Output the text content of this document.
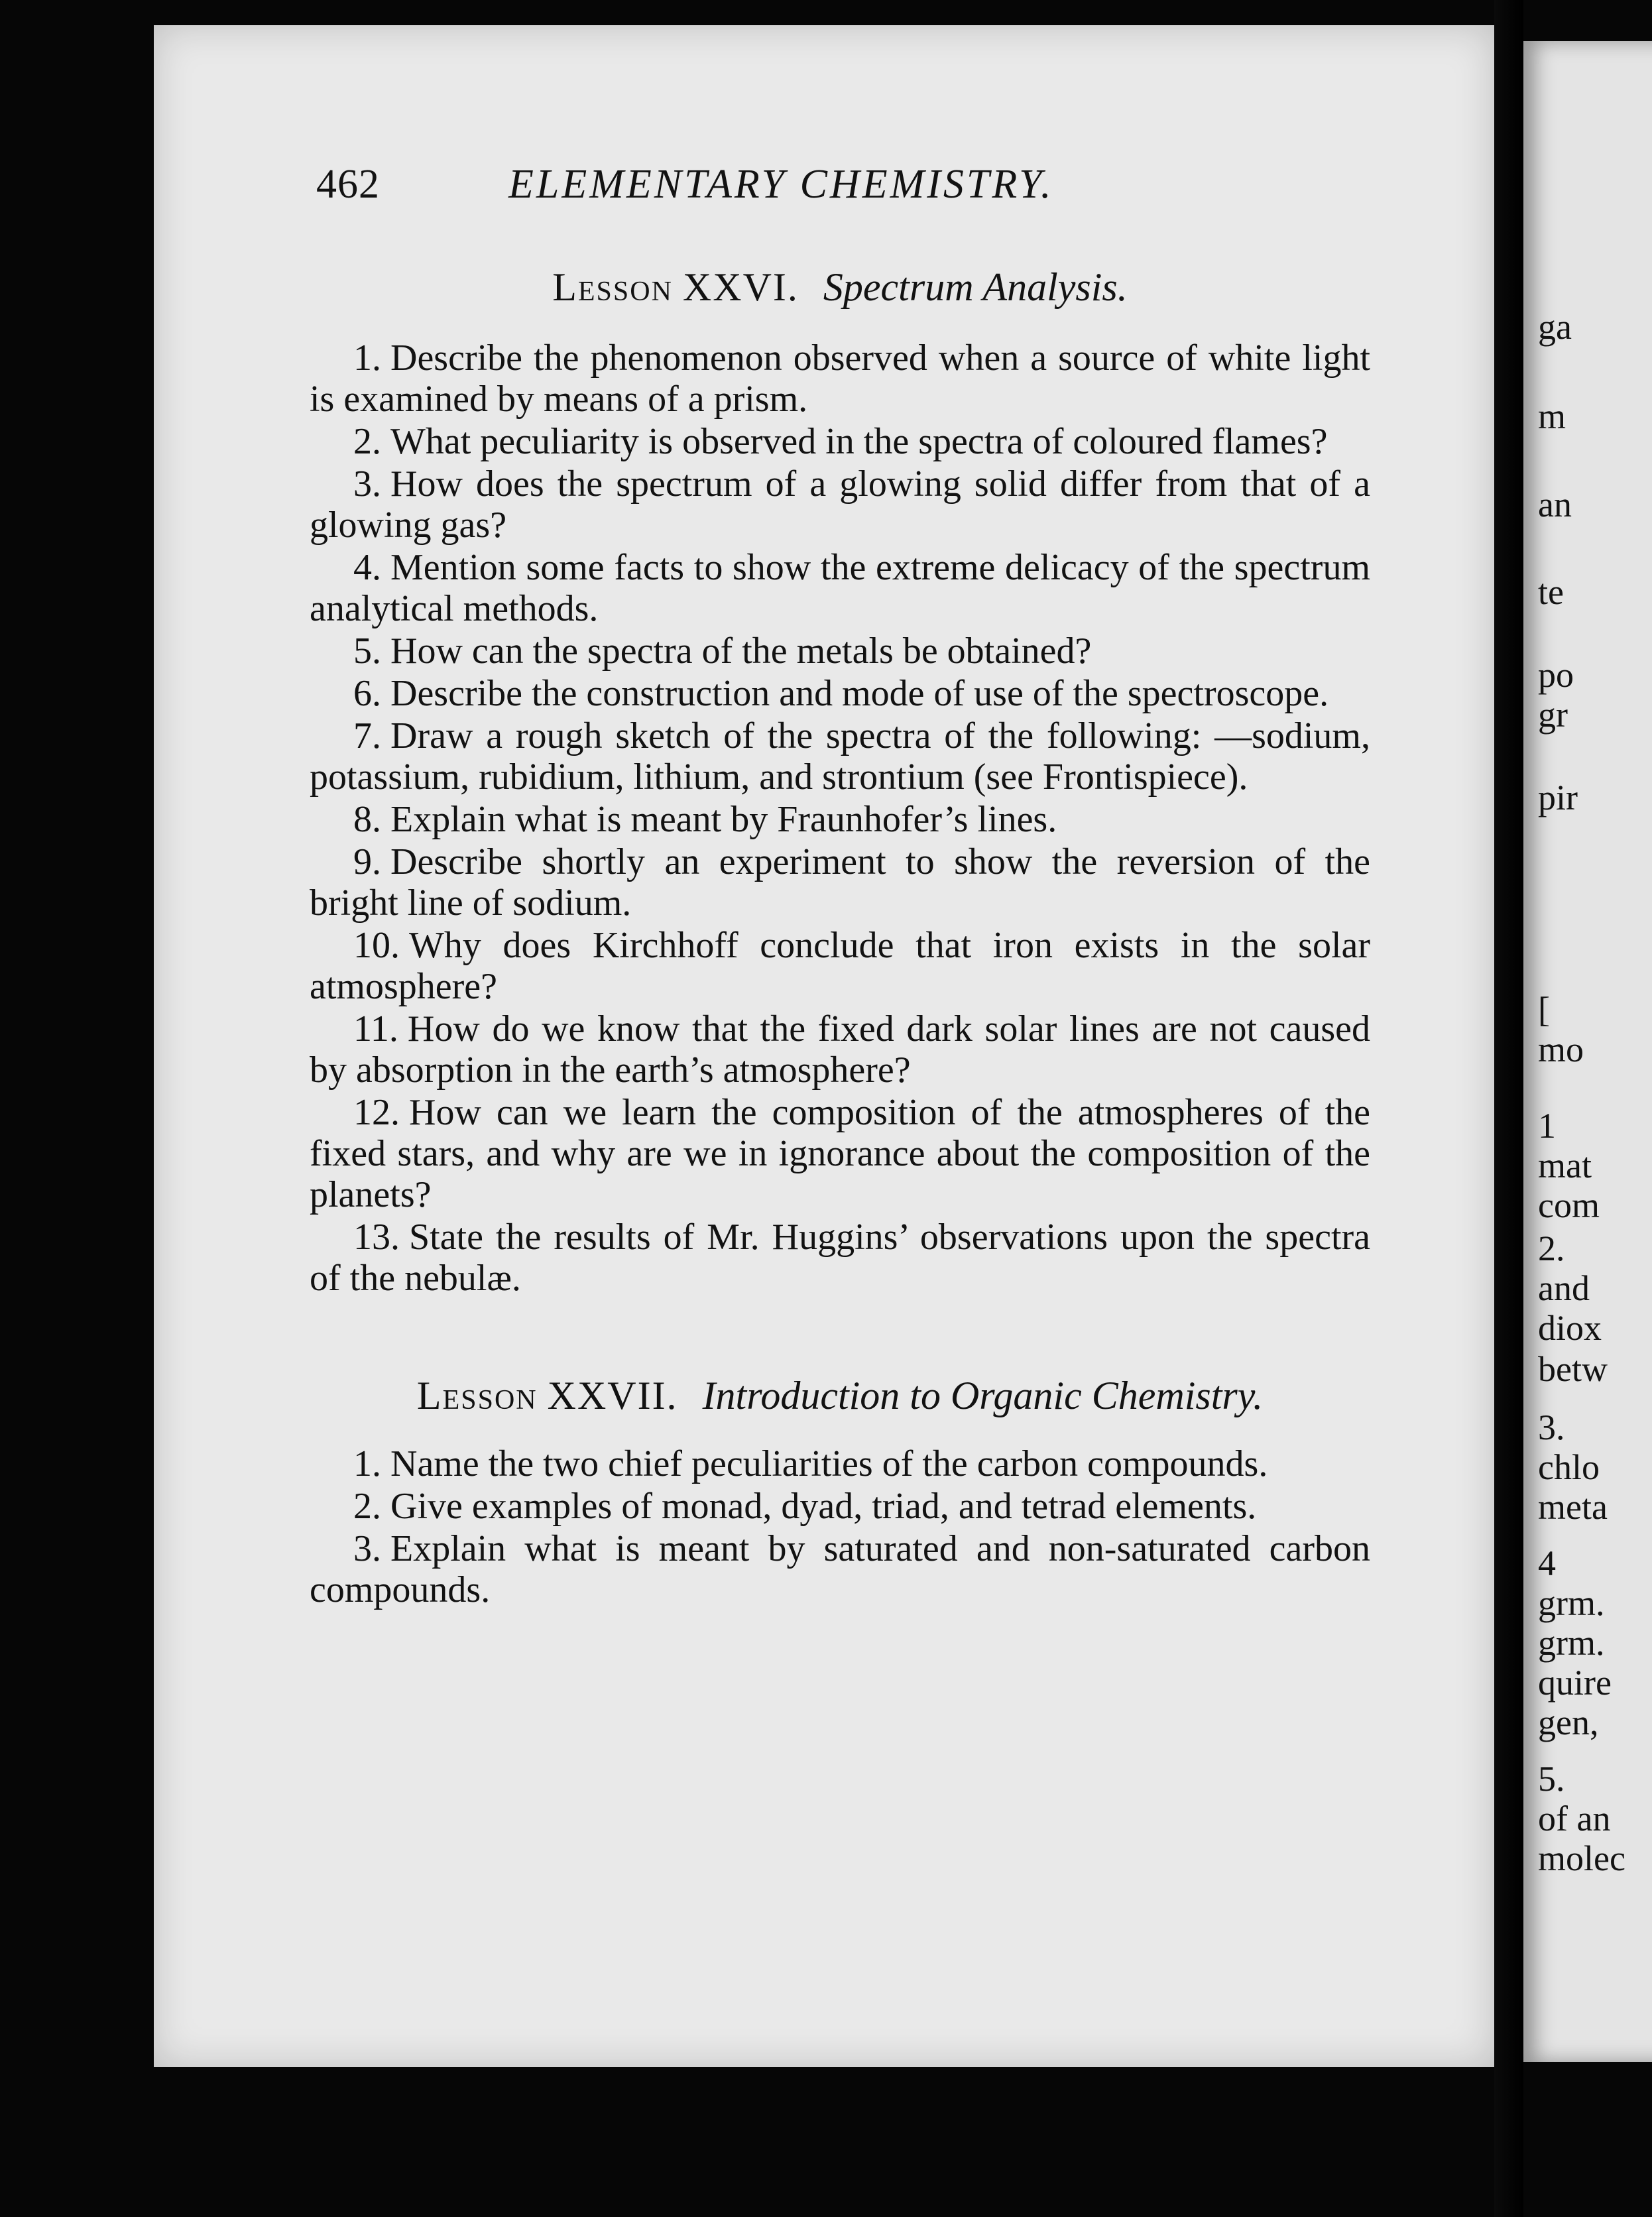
462	ELEMENTARY CHEMISTRY.
Lesson XXVI. Spectrum Analysis.

1. Describe the phenomenon observed when a source of white light is examined by means of a prism.

2. What peculiarity is observed in the spectra of coloured flames?

3. How does the spectrum of a glowing solid differ from that of a glowing gas?

4. Mention some facts to show the extreme delicacy of the spectrum analytical methods.

5. How can the spectra of the metals be obtained?

6. Describe the construction and mode of use of the spectroscope.

7. Draw a rough sketch of the spectra of the following: —sodium, potassium, rubidium, lithium, and strontium (see Frontispiece).

8. Explain what is meant by Fraunhofer’s lines.

9. Describe shortly an experiment to show the reversion of the bright line of sodium.

10. Why does Kirchhoff conclude that iron exists in the solar atmosphere?

11. How do we know that the fixed dark solar lines are not caused by absorption in the earth’s atmosphere?

12. How can we learn the composition of the atmospheres of the fixed stars, and why are we in ignorance about the composition of the planets?

13. State the results of Mr. Huggins’ observations upon the spectra of the nebulæ.

Lesson XXVII. Introduction to Organic Chemistry.

1. Name the two chief peculiarities of the carbon compounds.

2. Give examples of monad, dyad, triad, and tetrad elements.

3. Explain what is meant by saturated and non-saturated carbon compounds.

ga
m
an
te
po
gr
pir
[
mo
1
mat
com
2.
and
diox
betw
3.
chlo
meta
4
grm.
grm.
quire
gen,
5.
of an
molec
